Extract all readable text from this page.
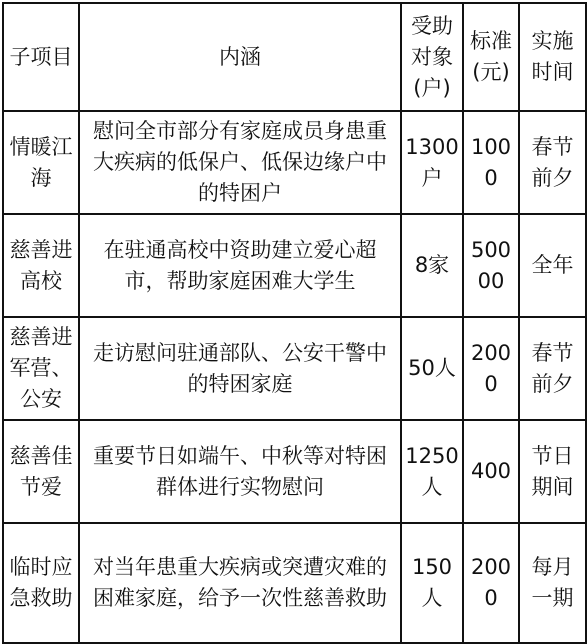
子项目	内涵	受助对象(户)	标准(元)	实施时间

情暖江海	慰问全市部分有家庭成员身患重大疾病的低保户、低保边缘户中的特困户	1300户	1000	春节前夕

慈善进高校	在驻通高校中资助建立爱心超市，帮助家庭困难大学生	8家	50000	全年

慈善进军营、公安	走访慰问驻通部队、公安干警中的特困家庭	50人	2000	春节前夕

慈善佳节爱	重要节日如端午、中秋等对特困群体进行实物慰问	1250人	400	节日期间

临时应急救助	对当年患重大疾病或突遭灾难的困难家庭，给予一次性慈善救助	150人	2000	每月一期
